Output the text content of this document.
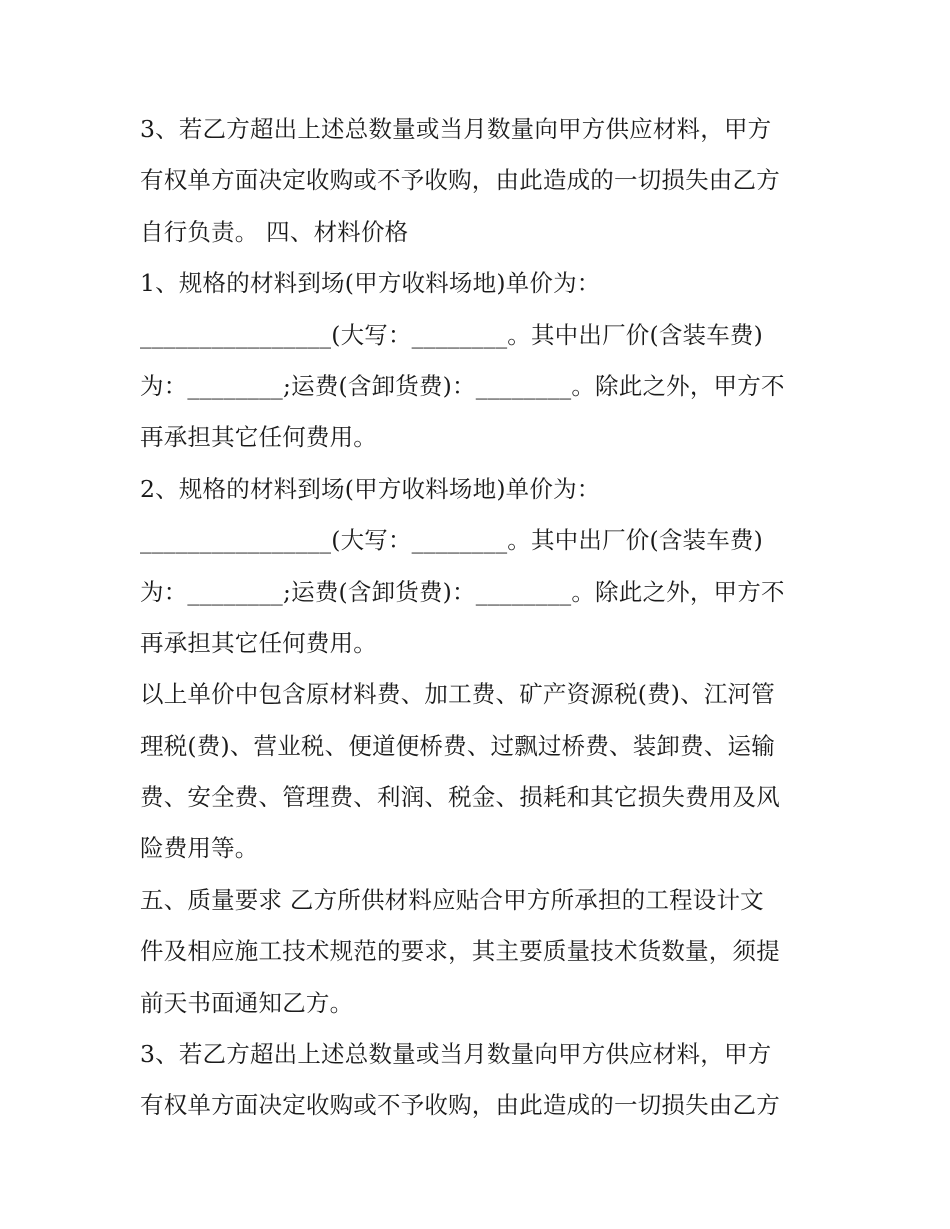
3、若乙方超出上述总数量或当月数量向甲方供应材料，甲方
有权单方面决定收购或不予收购，由此造成的一切损失由乙方
自行负责。 四、材料价格
1、规格的材料到场(甲方收料场地)单价为：
________________(大写：________。其中出厂价(含装车费)
为：________;运费(含卸货费)：________。除此之外，甲方不
再承担其它任何费用。
2、规格的材料到场(甲方收料场地)单价为：
________________(大写：________。其中出厂价(含装车费)
为：________;运费(含卸货费)：________。除此之外，甲方不
再承担其它任何费用。
以上单价中包含原材料费、加工费、矿产资源税(费)、江河管
理税(费)、营业税、便道便桥费、过飘过桥费、装卸费、运输
费、安全费、管理费、利润、税金、损耗和其它损失费用及风
险费用等。
五、质量要求 乙方所供材料应贴合甲方所承担的工程设计文
件及相应施工技术规范的要求，其主要质量技术货数量，须提
前天书面通知乙方。
3、若乙方超出上述总数量或当月数量向甲方供应材料，甲方
有权单方面决定收购或不予收购，由此造成的一切损失由乙方
